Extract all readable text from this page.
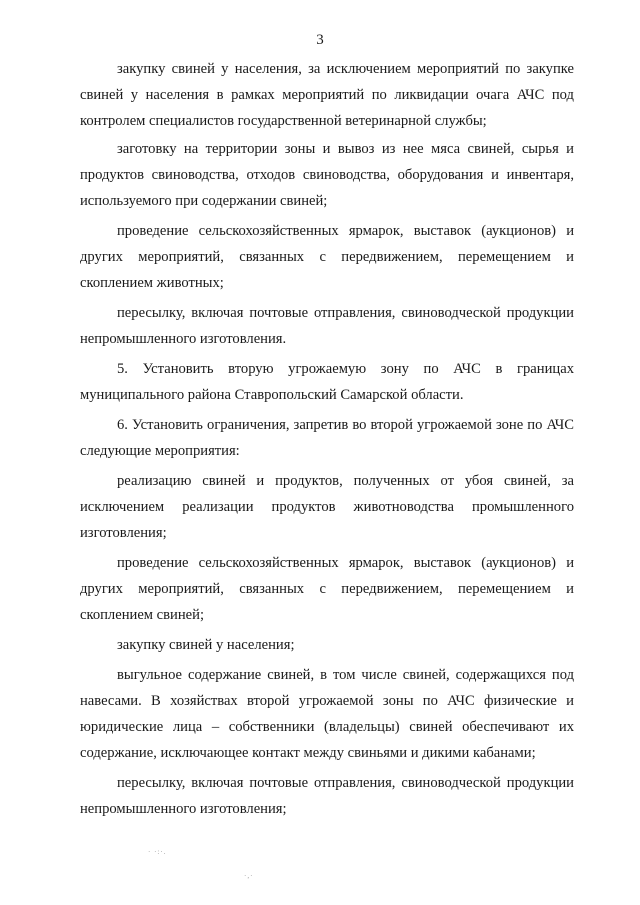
3

закупку свиней у населения, за исключением мероприятий по закупке свиней у населения в рамках мероприятий по ликвидации очага АЧС под контролем специалистов государственной ветеринарной службы;

заготовку на территории зоны и вывоз из нее мяса свиней, сырья и продуктов свиноводства, отходов свиноводства, оборудования и инвентаря, используемого при содержании свиней;

проведение сельскохозяйственных ярмарок, выставок (аукционов) и других мероприятий, связанных с передвижением, перемещением и скоплением животных;

пересылку, включая почтовые отправления, свиноводческой продукции непромышленного изготовления.

5. Установить вторую угрожаемую зону по АЧС в границах муниципального района Ставропольский Самарской области.

6. Установить ограничения, запретив во второй угрожаемой зоне по АЧС следующие мероприятия:

реализацию свиней и продуктов, полученных от убоя свиней, за исключением реализации продуктов животноводства промышленного изготовления;

проведение сельскохозяйственных ярмарок, выставок (аукционов) и других мероприятий, связанных с передвижением, перемещением и скоплением свиней;

закупку свиней у населения;

выгульное содержание свиней, в том числе свиней, содержащихся под навесами. В хозяйствах второй угрожаемой зоны по АЧС физические и юридические лица – собственники (владельцы) свиней обеспечивают их содержание, исключающее контакт между свиньями и дикими кабанами;

пересылку, включая почтовые отправления, свиноводческой продукции непромышленного изготовления;

· ·:·.
·,·
